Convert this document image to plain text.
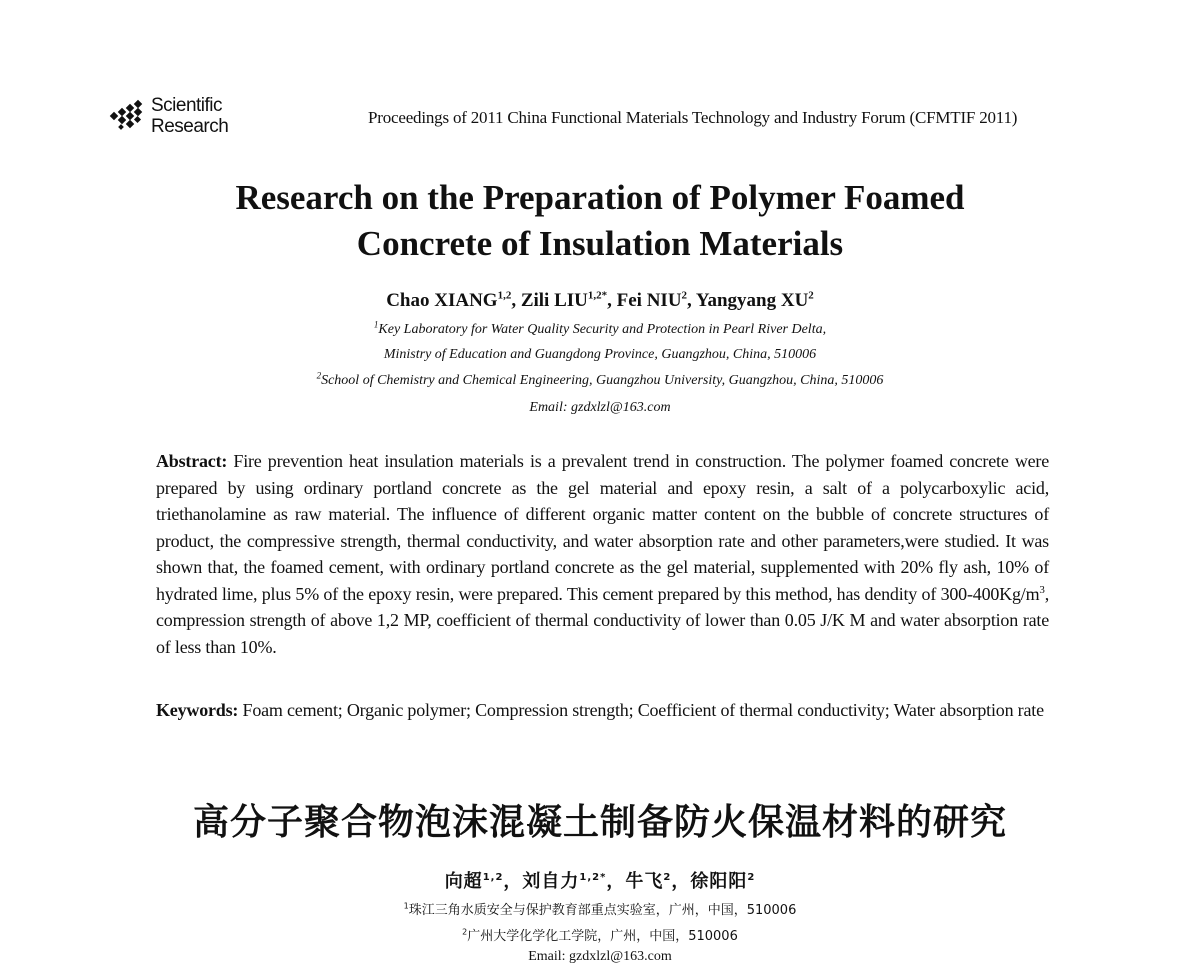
Scientific
Research	Proceedings of 2011 China Functional Materials Technology and Industry Forum (CFMTIF 2011)
Research on the Preparation of Polymer Foamed
Concrete of Insulation Materials
Chao XIANG$^{1,2}$, Zili $LIU^{1,2*}$, Fei NIU$^2$, Yangyang $XU^2$
$^1$Key Laboratory for Water Quality Security and Protection in Pearl River Delta,
Ministry of Education and Guangdong Province, Guangzhou, China, 510006
$^2$School of Chemistry and Chemical Engineering, Guangzhou University, Guangzhou, China, 510006
Email: gzdxlzl@163.com

Abstract: Fire prevention heat insulation materials is a prevalent trend in construction. The polymer foamed concrete were prepared by using ordinary portland concrete as the gel material and epoxy resin, a salt of a polycarboxylic acid, triethanolamine as raw material. The influence of different organic matter content on the bubble of concrete structures of product, the compressive strength, thermal conductivity, and water absorption rate and other parameters,were studied. It was shown that, the foamed cement, with ordinary portland concrete as the gel material, supplemented with 20% fly ash, 10% of hydrated lime, plus 5% of the epoxy resin, were prepared. This cement prepared by this method, has dendity of $300-400Kg/m^3$, compression strength of above 1,2 MP, coefficient of thermal conductivity of lower than 0.05 J/K M and water absorption rate of less than 10%.

Keywords: Foam cement; Organic polymer; Compression strength; Coefficient of thermal conductivity; Water absorption rate

高分子聚合物泡沫混凝土制备防火保温材料的研究
向超$^{1,2}$，刘自力$^{1,2*}$，牛飞$^2$，徐阳阳$^2$
$^1$珠江三角水质安全与保护教育部重点实验室，广州，中国，510006
$^2$广州大学化学化工学院，广州，中国，510006
Email: gzdxlzl@163.com
